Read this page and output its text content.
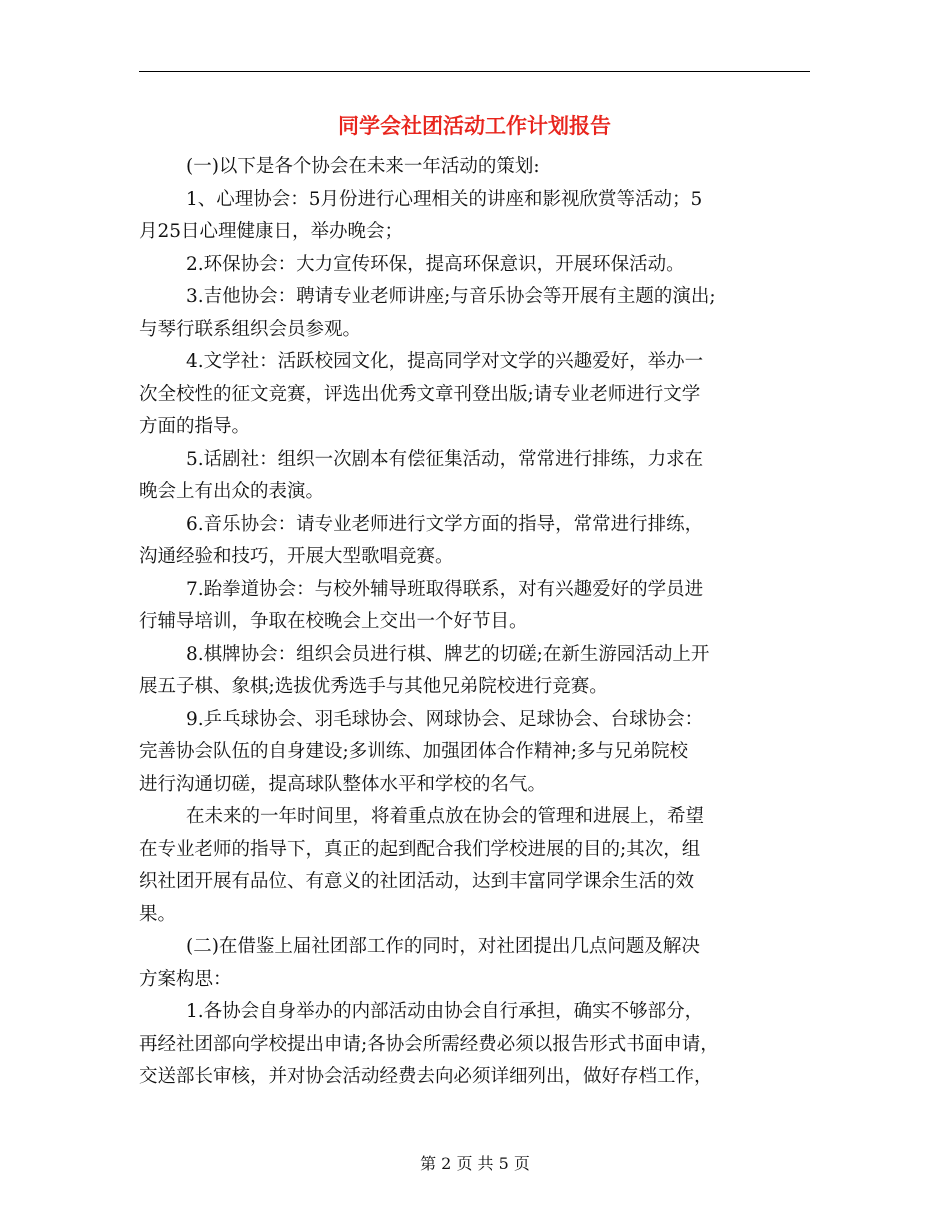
同学会社团活动工作计划报告

(一)以下是各个协会在未来一年活动的策划:

1、心理协会：5月份进行心理相关的讲座和影视欣赏等活动；5
月25日心理健康日，举办晚会；

2.环保协会：大力宣传环保，提高环保意识，开展环保活动。

3.吉他协会：聘请专业老师讲座;与音乐协会等开展有主题的演出;
与琴行联系组织会员参观。

4.文学社：活跃校园文化，提高同学对文学的兴趣爱好，举办一
次全校性的征文竞赛，评选出优秀文章刊登出版;请专业老师进行文学
方面的指导。

5.话剧社：组织一次剧本有偿征集活动，常常进行排练，力求在
晚会上有出众的表演。

6.音乐协会：请专业老师进行文学方面的指导，常常进行排练，
沟通经验和技巧，开展大型歌唱竞赛。

7.跆拳道协会：与校外辅导班取得联系，对有兴趣爱好的学员进
行辅导培训，争取在校晚会上交出一个好节目。

8.棋牌协会：组织会员进行棋、牌艺的切磋;在新生游园活动上开
展五子棋、象棋;选拔优秀选手与其他兄弟院校进行竞赛。

9.乒乓球协会、羽毛球协会、网球协会、足球协会、台球协会：
完善协会队伍的自身建设;多训练、加强团体合作精神;多与兄弟院校
进行沟通切磋，提高球队整体水平和学校的名气。

在未来的一年时间里，将着重点放在协会的管理和进展上，希望
在专业老师的指导下，真正的起到配合我们学校进展的目的;其次，组
织社团开展有品位、有意义的社团活动，达到丰富同学课余生活的效
果。

(二)在借鉴上届社团部工作的同时，对社团提出几点问题及解决
方案构思：

1.各协会自身举办的内部活动由协会自行承担，确实不够部分，
再经社团部向学校提出申请;各协会所需经费必须以报告形式书面申请，
交送部长审核，并对协会活动经费去向必须详细列出，做好存档工作，

第 2 页 共 5 页
